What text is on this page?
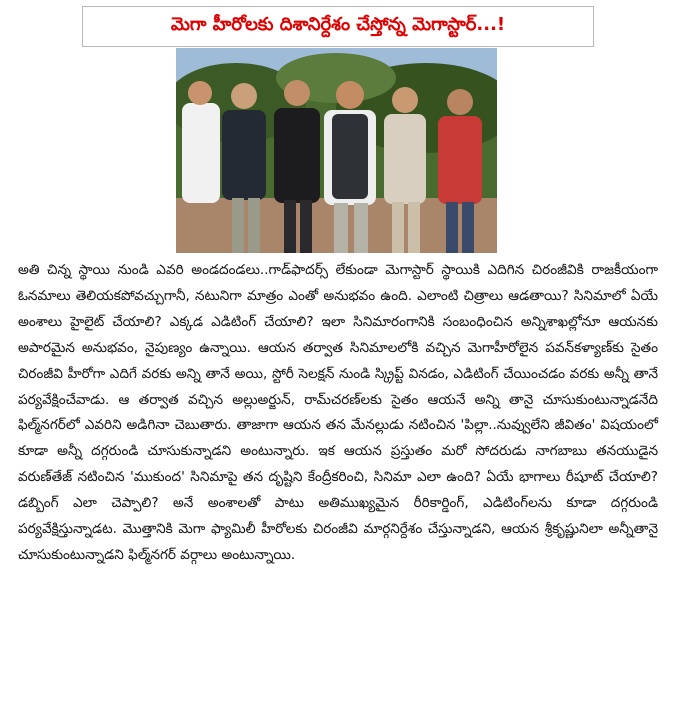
మెగా హీరోలకు దిశానిర్దేశం చేస్తోన్న మెగాస్టార్...!
అతి చిన్న స్థాయి నుండి ఎవరి అండదండలు..గాడ్‌ఫాదర్స్ లేకుండా మెగాస్టార్ స్థాయికి ఎదిగిన చిరంజీవికి రాజకీయంగా ఓనమాలు తెలియకపోవచ్చుగానీ, నటునిగా మాత్రం ఎంతో అనుభవం ఉంది. ఎలాంటి చిత్రాలు ఆడతాయి? సినిమాలో ఏయే అంశాలు హైలైట్ చేయాలి? ఎక్కడ ఎడిటింగ్ చేయాలి? ఇలా సినిమారంగానికి సంబంధించిన అన్నిశాఖల్లోనూ ఆయనకు అపారమైన అనుభవం, నైపుణ్యం ఉన్నాయి. ఆయన తర్వాత సినిమాలలోకి వచ్చిన మెగాహీరోలైన పవన్‌కళ్యాణ్‌కు సైతం చిరంజీవి హీరోగా ఎదిగే వరకు అన్ని తానే అయి, స్టోరీ సెలక్షన్ నుండి స్క్రిప్ట్ వినడం, ఎడిటింగ్ చేయించడం వరకు అన్నీ తానే పర్యవేక్షించేవాడు. ఆ తర్వాత వచ్చిన అల్లుఅర్జున్, రామ్‌చరణ్‌లకు సైతం ఆయనే అన్ని తానై చూసుకుంటున్నాడనేది ఫిల్మ్‌నగర్‌లో ఎవరిని అడిగినా చెబుతారు. తాజాగా ఆయన తన మేనల్లుడు నటించిన 'పిల్లా..నువ్వులేని జీవితం' విషయంలో కూడా అన్నీ దగ్గరుండి చూసుకున్నాడని అంటున్నారు. ఇక ఆయన ప్రస్తుతం మరో సోదరుడు నాగబాబు తనయుడైన వరుణ్‌తేజ్ నటించిన 'ముకుంద' సినిమాపై తన దృష్టిని కేంద్రీకరించి, సినిమా ఎలా ఉంది? ఏయే భాగాలు రీషూట్ చేయాలి? డబ్బింగ్ ఎలా చెప్పాలి? అనే అంశాలతో పాటు అతిముఖ్యమైన రీరికార్డింగ్, ఎడిటింగ్‌లను కూడా దగ్గరుండి పర్యవేక్షిస్తున్నాడట. మొత్తానికి మెగా ఫ్యామిలీ హీరోలకు చిరంజీవి మార్గనిర్దేశం చేస్తున్నాడని, ఆయన శ్రీకృష్ణునిలా అన్నీతానై చూసుకుంటున్నాడని ఫిల్మ్‌నగర్ వర్గాలు అంటున్నాయి.
